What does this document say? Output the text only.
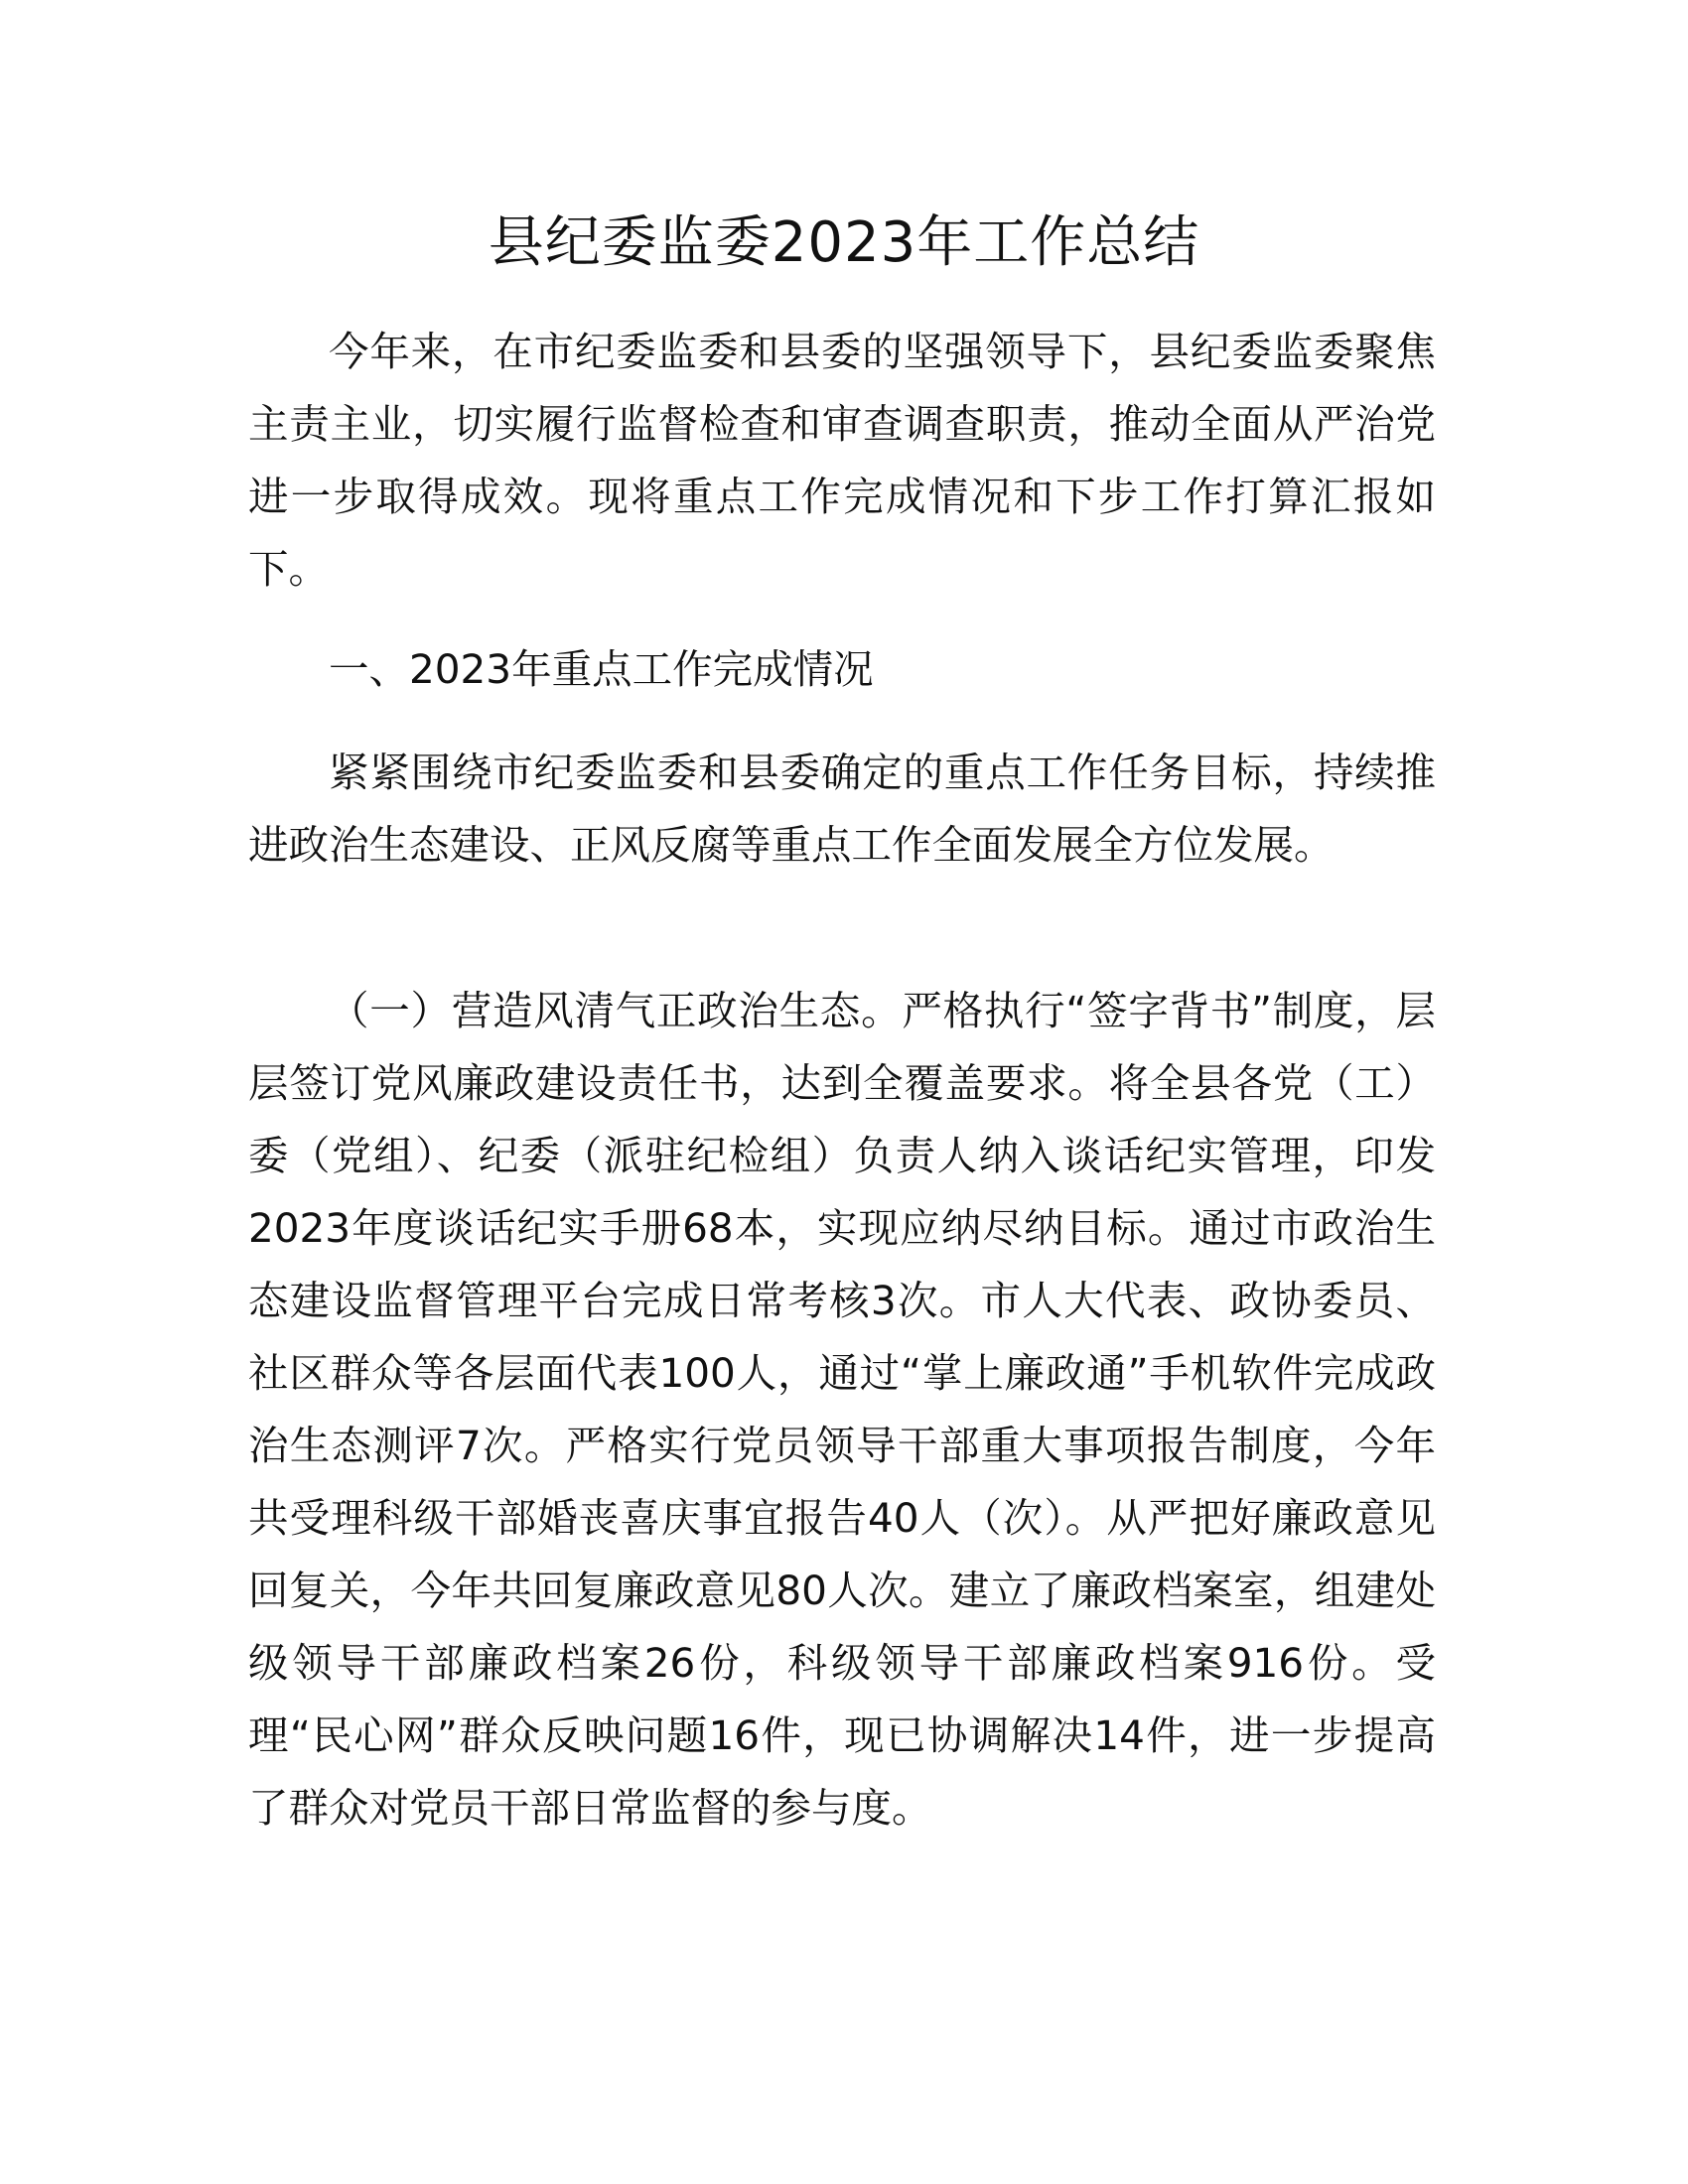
县纪委监委2023年工作总结

今年来，在市纪委监委和县委的坚强领导下，县纪委监委聚焦主责主业，切实履行监督检查和审查调查职责，推动全面从严治党进一步取得成效。现将重点工作完成情况和下步工作打算汇报如下。

一、2023年重点工作完成情况

紧紧围绕市纪委监委和县委确定的重点工作任务目标，持续推进政治生态建设、正风反腐等重点工作全面发展全方位发展。

（一）营造风清气正政治生态。严格执行“签字背书”制度，层层签订党风廉政建设责任书，达到全覆盖要求。将全县各党（工）委（党组）、纪委（派驻纪检组）负责人纳入谈话纪实管理，印发2023年度谈话纪实手册68本，实现应纳尽纳目标。通过市政治生态建设监督管理平台完成日常考核3次。市人大代表、政协委员、社区群众等各层面代表100人，通过“掌上廉政通”手机软件完成政治生态测评7次。严格实行党员领导干部重大事项报告制度，今年共受理科级干部婚丧喜庆事宜报告40人（次）。从严把好廉政意见回复关，今年共回复廉政意见80人次。建立了廉政档案室，组建处级领导干部廉政档案26份，科级领导干部廉政档案916份。受理“民心网”群众反映问题16件，现已协调解决14件，进一步提高了群众对党员干部日常监督的参与度。
